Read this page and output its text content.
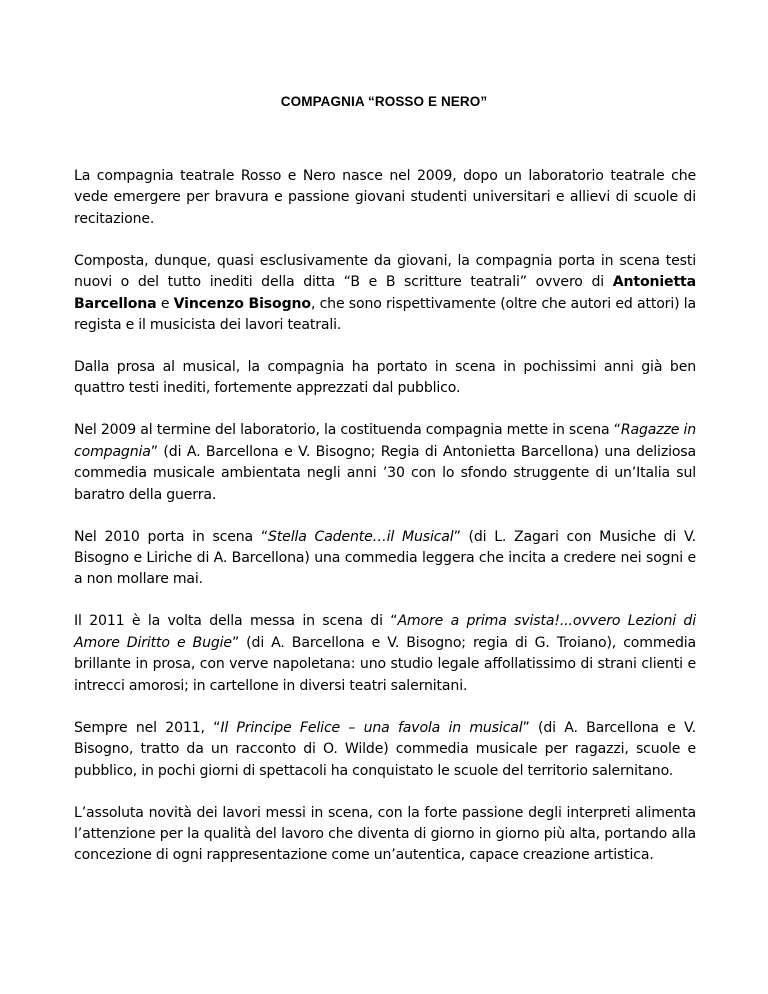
COMPAGNIA “ROSSO E NERO”

La compagnia teatrale Rosso e Nero nasce nel 2009, dopo un laboratorio teatrale che vede emergere per bravura e passione giovani studenti universitari e allievi di scuole di recitazione.

Composta, dunque, quasi esclusivamente da giovani, la compagnia porta in scena testi nuovi o del tutto inediti della ditta “B e B scritture teatrali” ovvero di Antonietta Barcellona e Vincenzo Bisogno, che sono rispettivamente (oltre che autori ed attori) la regista e il musicista dei lavori teatrali.

Dalla prosa al musical, la compagnia ha portato in scena in pochissimi anni già ben quattro testi inediti, fortemente apprezzati dal pubblico.

Nel 2009 al termine del laboratorio, la costituenda compagnia mette in scena “Ragazze in compagnia” (di A. Barcellona e V. Bisogno; Regia di Antonietta Barcellona) una deliziosa commedia musicale ambientata negli anni ’30 con lo sfondo struggente di un’Italia sul baratro della guerra.

Nel 2010 porta in scena “Stella Cadente…il Musical” (di L. Zagari con Musiche di V. Bisogno e Liriche di A. Barcellona) una commedia leggera che incita a credere nei sogni e a non mollare mai.

Il 2011 è la volta della messa in scena di “Amore a prima svista!...ovvero Lezioni di Amore Diritto e Bugie” (di A. Barcellona e V. Bisogno; regia di G. Troiano), commedia brillante in prosa, con verve napoletana: uno studio legale affollatissimo di strani clienti e intrecci amorosi; in cartellone in diversi teatri salernitani.

Sempre nel 2011, “Il Principe Felice – una favola in musical” (di A. Barcellona e V. Bisogno, tratto da un racconto di O. Wilde) commedia musicale per ragazzi, scuole e pubblico, in pochi giorni di spettacoli ha conquistato le scuole del territorio salernitano.

L’assoluta novità dei lavori messi in scena, con la forte passione degli interpreti alimenta l’attenzione per la qualità del lavoro che diventa di giorno in giorno più alta, portando alla concezione di ogni rappresentazione come un’autentica, capace creazione artistica.
